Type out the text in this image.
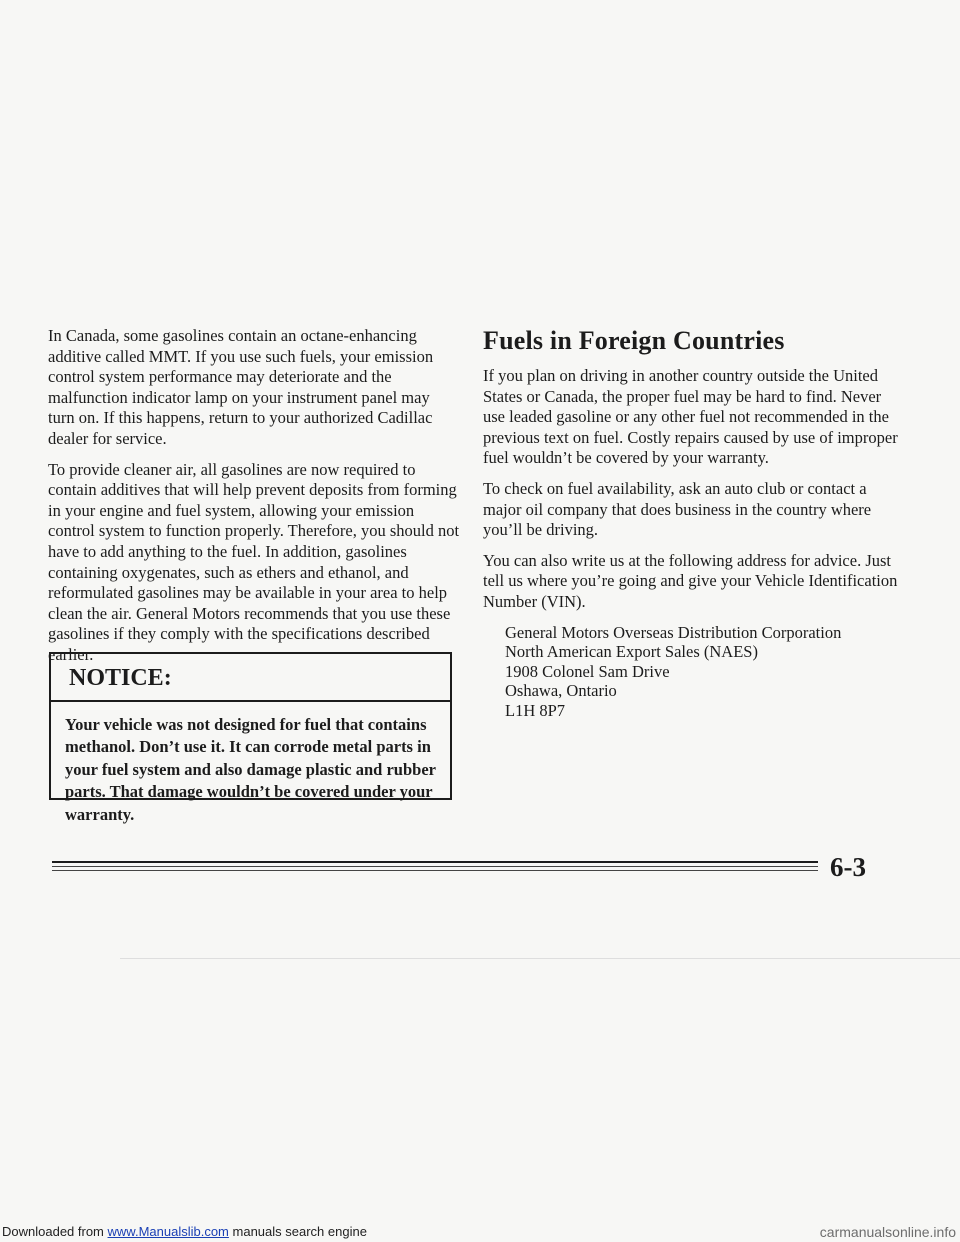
In Canada, some gasolines contain an octane-enhancing additive called MMT. If you use such fuels, your emission control system performance may deteriorate and the malfunction indicator lamp on your instrument panel may turn on. If this happens, return to your authorized Cadillac dealer for service.

To provide cleaner air, all gasolines are now required to contain additives that will help prevent deposits from forming in your engine and fuel system, allowing your emission control system to function properly. Therefore, you should not have to add anything to the fuel. In addition, gasolines containing oxygenates, such as ethers and ethanol, and reformulated gasolines may be available in your area to help clean the air. General Motors recommends that you use these gasolines if they comply with the specifications described earlier.

NOTICE:
Your vehicle was not designed for fuel that contains methanol. Don’t use it. It can corrode metal parts in your fuel system and also damage plastic and rubber parts. That damage wouldn’t be covered under your warranty.
Fuels in Foreign Countries

If you plan on driving in another country outside the United States or Canada, the proper fuel may be hard to find. Never use leaded gasoline or any other fuel not recommended in the previous text on fuel. Costly repairs caused by use of improper fuel wouldn’t be covered by your warranty.

To check on fuel availability, ask an auto club or contact a major oil company that does business in the country where you’ll be driving.

You can also write us at the following address for advice. Just tell us where you’re going and give your Vehicle Identification Number (VIN).

General Motors Overseas Distribution Corporation
North American Export Sales (NAES)
1908 Colonel Sam Drive
Oshawa, Ontario
L1H 8P7
6-3
Downloaded from www.Manualslib.com manuals search engine	carmanualsonline.info
